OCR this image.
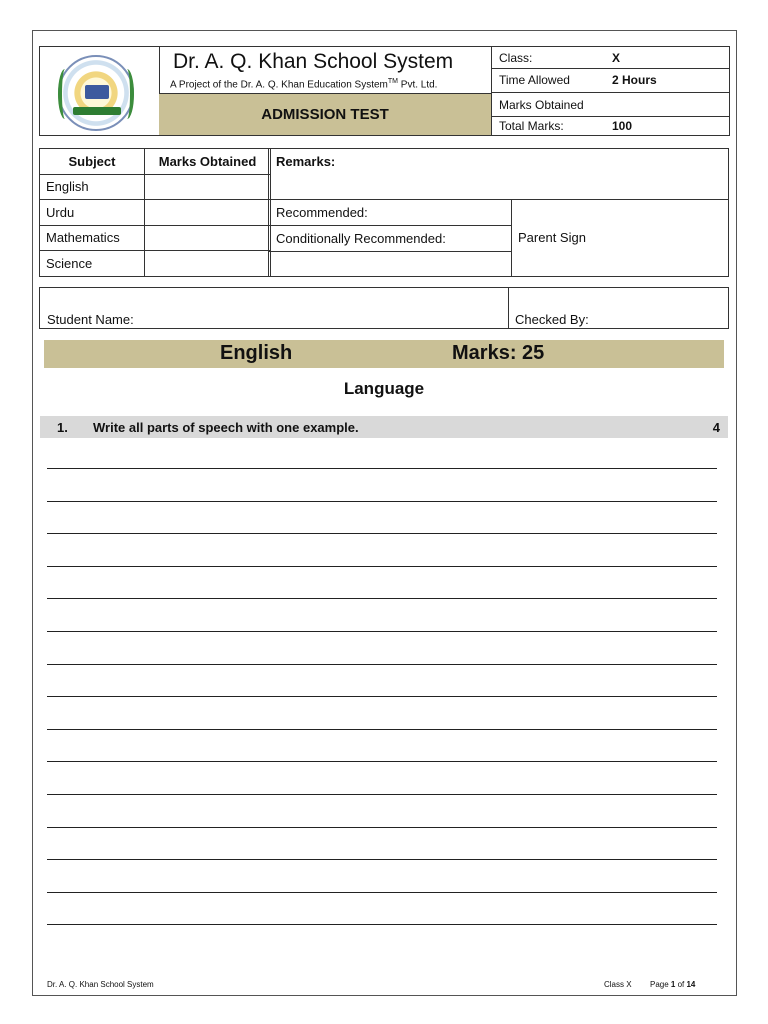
Dr. A. Q. Khan School System
A Project of the Dr. A. Q. Khan Education System™ Pvt. Ltd.
ADMISSION TEST
Class:	X
Time Allowed	2 Hours
Marks Obtained
Total Marks:	100
Subject	Marks Obtained
English	
Urdu	
Mathematics	
Science	
Remarks:
Recommended:
Conditionally Recommended:	Parent Sign
Student Name:	Checked By:
English	Marks: 25
Language
1. Write all parts of speech with one example.	4
Dr. A. Q. Khan School System	Class X Page 1 of 14
